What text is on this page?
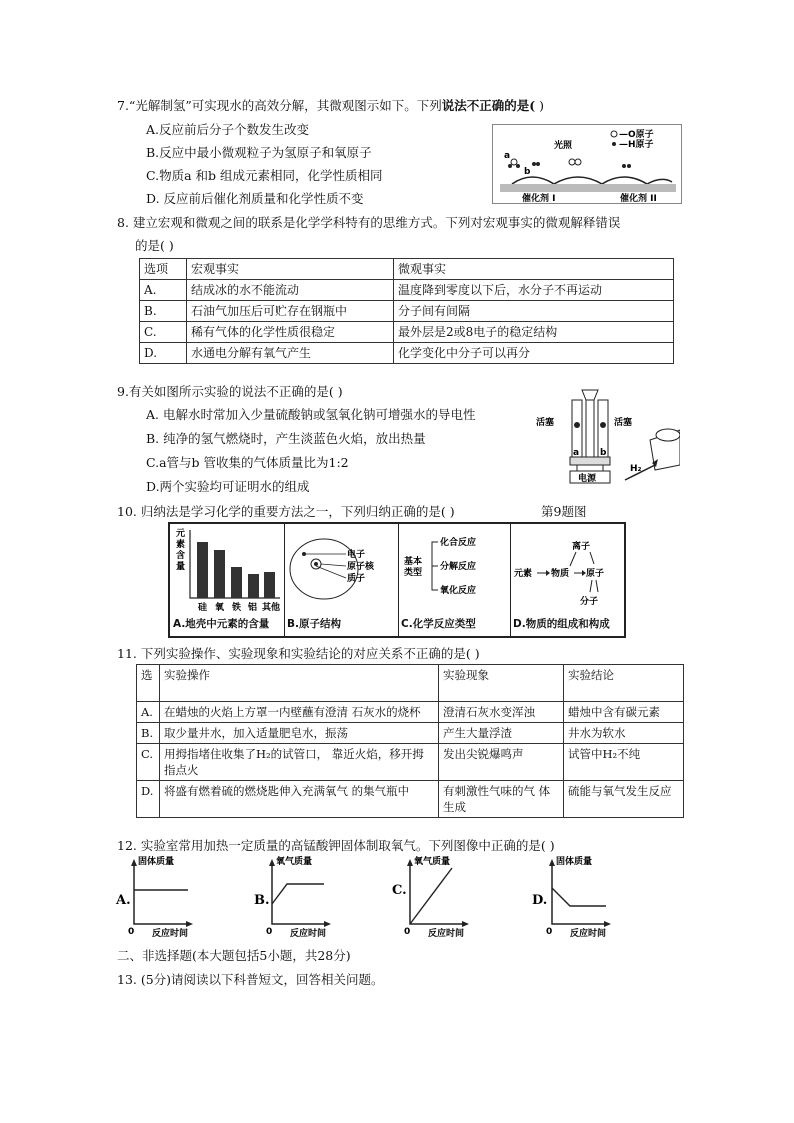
7.“光解制氢”可实现水的高效分解，其微观图示如下。下列说法不正确的是( )
A.反应前后分子个数发生改变
B.反应中最小微观粒子为氢原子和氧原子
C.物质a 和b 组成元素相同，化学性质相同
D. 反应前后催化剂质量和化学性质不变
—O原子
—H原子
光照
a
b
催化剂 I	催化剂 II
8. 建立宏观和微观之间的联系是化学学科特有的思维方式。下列对宏观事实的微观解释错误
的是( )
选项	宏观事实	微观事实
A.	结成冰的水不能流动	温度降到零度以下后，水分子不再运动
B.	石油气加压后可贮存在钢瓶中	分子间有间隔
C.	稀有气体的化学性质很稳定	最外层是2或8电子的稳定结构
D.	水通电分解有氧气产生	化学变化中分子可以再分
9.有关如图所示实验的说法不正确的是( )
A. 电解水时常加入少量硫酸钠或氢氧化钠可增强水的导电性
B. 纯净的氢气燃烧时，产生淡蓝色火焰，放出热量
C.a管与b 管收集的气体质量比为1:2
D.两个实验均可证明水的组成
活塞	活塞
a b
电源
H₂
10. 归纳法是学习化学的重要方法之一，下列归纳正确的是( )	第9题图
元
素
含
量
硅 氧 铁 铝 其他
A.地壳中元素的含量
电子
原子核
质子
B.原子结构
基本
类型
化合反应
分解反应
氧化反应
C.化学反应类型
离子
元素 物质 原子
分子
D.物质的组成和构成
11. 下列实验操作、实验现象和实验结论的对应关系不正确的是( )
选	实验操作	实验现象	实验结论
A.	在蜡烛的火焰上方罩一内壁蘸有澄清 石灰水的烧杯	澄清石灰水变浑浊	蜡烛中含有碳元素
B.	取少量井水，加入适量肥皂水，振荡	产生大量浮渣	井水为软水
C.	用拇指堵住收集了H₂的试管口， 靠近火焰，移开拇指点火	发出尖锐爆鸣声	试管中H₂不纯
D.	将盛有燃着硫的燃烧匙伸入充满氧气 的集气瓶中	有刺激性气味的气 体生成	硫能与氧气发生反应
12. 实验室常用加热一定质量的高锰酸钾固体制取氧气。下列图像中正确的是( )
A.
固体质量
0 反应时间
B.
氧气质量
0 反应时间
C.
氧气质量
0 反应时间
D.
固体质量
0 反应时间
二、非选择题(本大题包括5小题，共28分)
13. (5分)请阅读以下科普短文，回答相关问题。
